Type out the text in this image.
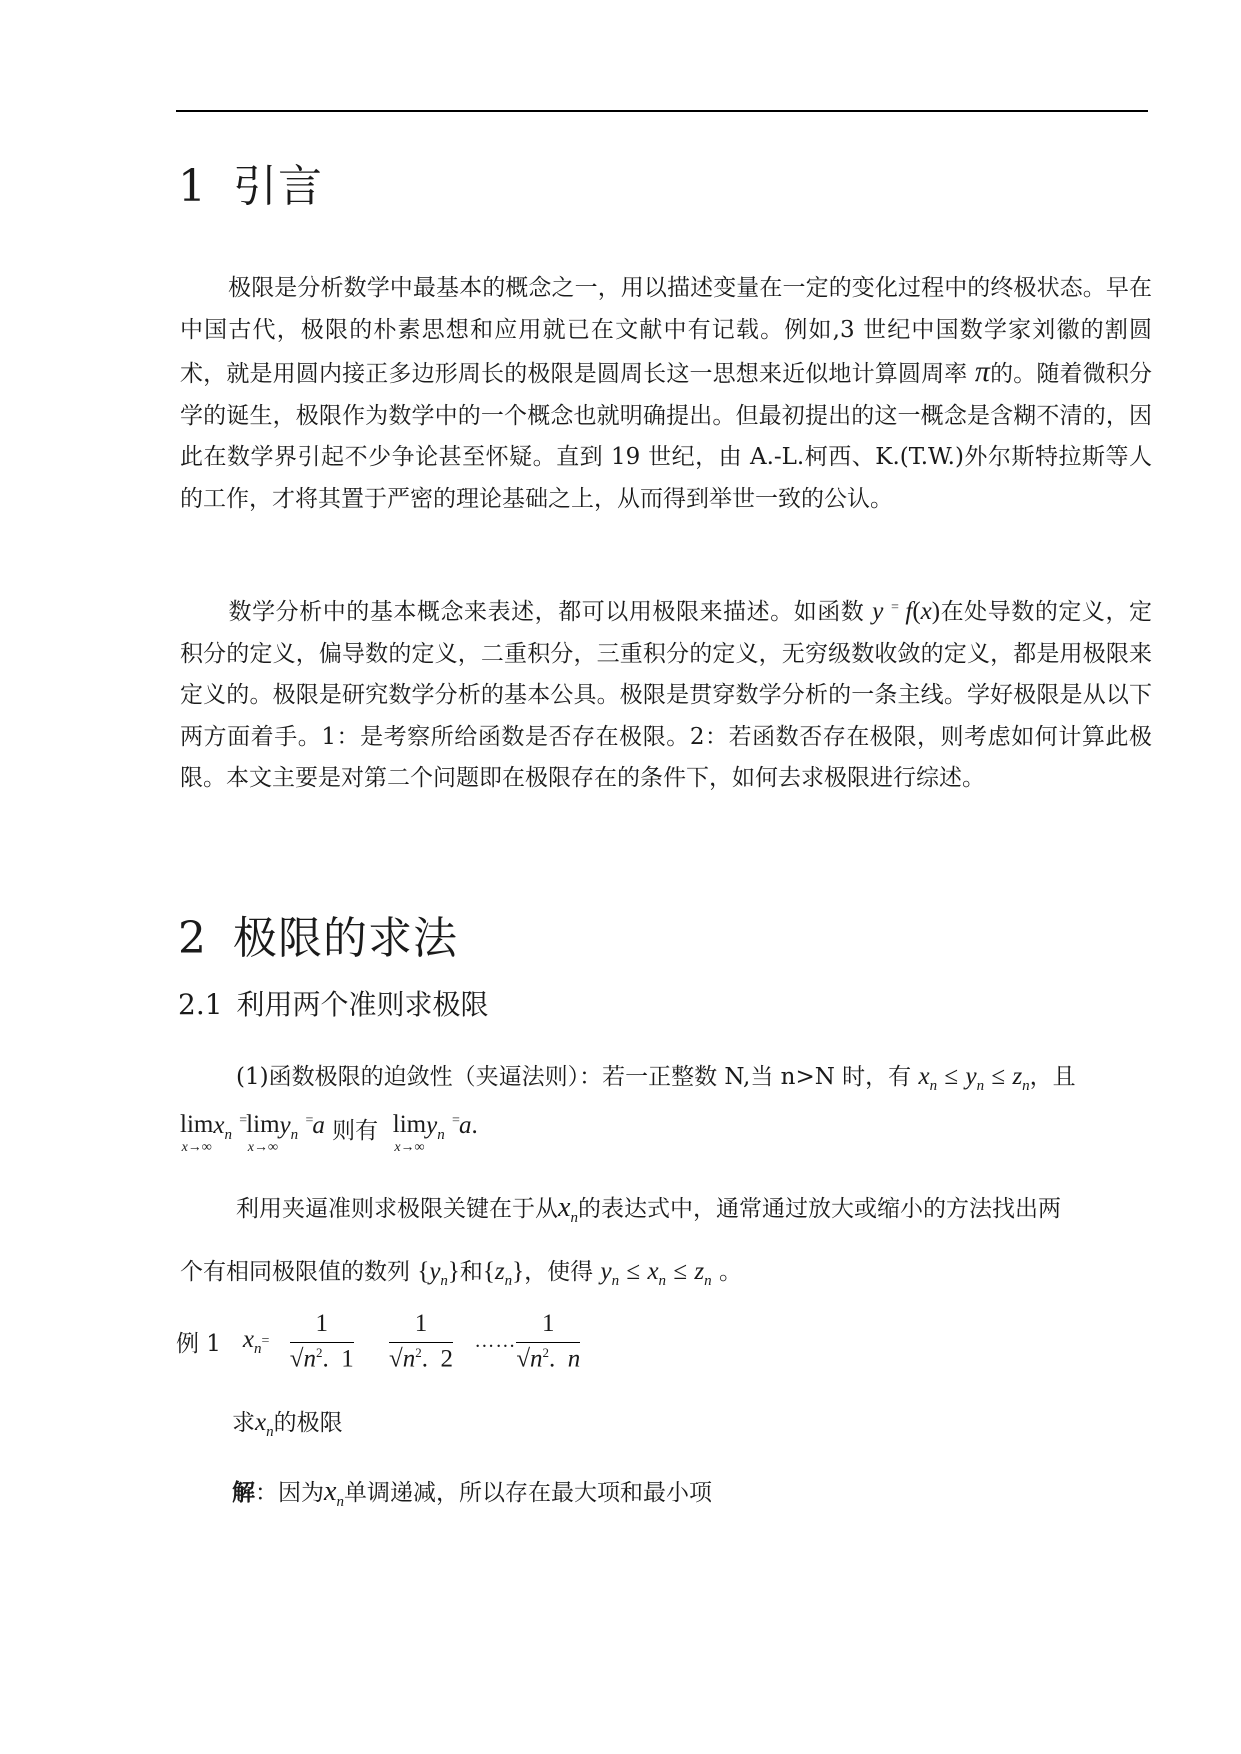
1 引言
极限是分析数学中最基本的概念之一，用以描述变量在一定的变化过程中的终极状态。早在中国古代，极限的朴素思想和应用就已在文献中有记载。例如,3 世纪中国数学家刘徽的割圆术，就是用圆内接正多边形周长的极限是圆周长这一思想来近似地计算圆周率 π的。随着微积分学的诞生，极限作为数学中的一个概念也就明确提出。但最初提出的这一概念是含糊不清的，因此在数学界引起不少争论甚至怀疑。直到 19 世纪，由 A.-L.柯西、K.(T.W.)外尔斯特拉斯等人的工作，才将其置于严密的理论基础之上，从而得到举世一致的公认。
数学分析中的基本概念来表述，都可以用极限来描述。如函数 y = f(x)在处导数的定义，定积分的定义，偏导数的定义，二重积分，三重积分的定义，无穷级数收敛的定义，都是用极限来定义的。极限是研究数学分析的基本公具。极限是贯穿数学分析的一条主线。学好极限是从以下两方面着手。1：是考察所给函数是否存在极限。2：若函数否存在极限，则考虑如何计算此极限。本文主要是对第二个问题即在极限存在的条件下，如何去求极限进行综述。
2 极限的求法
2.1 利用两个准则求极限
(1)函数极限的迫敛性（夹逼法则）：若一正整数 N,当 n>N 时，有 $x_n \le y_n \le z_n$，且
lim
x→∞
$x_n$ = lim
x→∞
$y_n$ =a 则有 lim
x→∞
$y_n$ =a.
利用夹逼准则求极限关键在于从$x_n$的表达式中，通常通过放大或缩小的方法找出两
个有相同极限值的数列 $\{y_n\}$和$\{z_n\}$，使得 $y_n \le x_n \le z_n$ 。
例 1 $x_n= \frac{1}{√n^2. 1}$
$\frac{1}{√n^2. 2}$ …… $\frac{1}{√n^2. n}$
求$x_n$的极限
解：因为$x_n$单调递减，所以存在最大项和最小项
